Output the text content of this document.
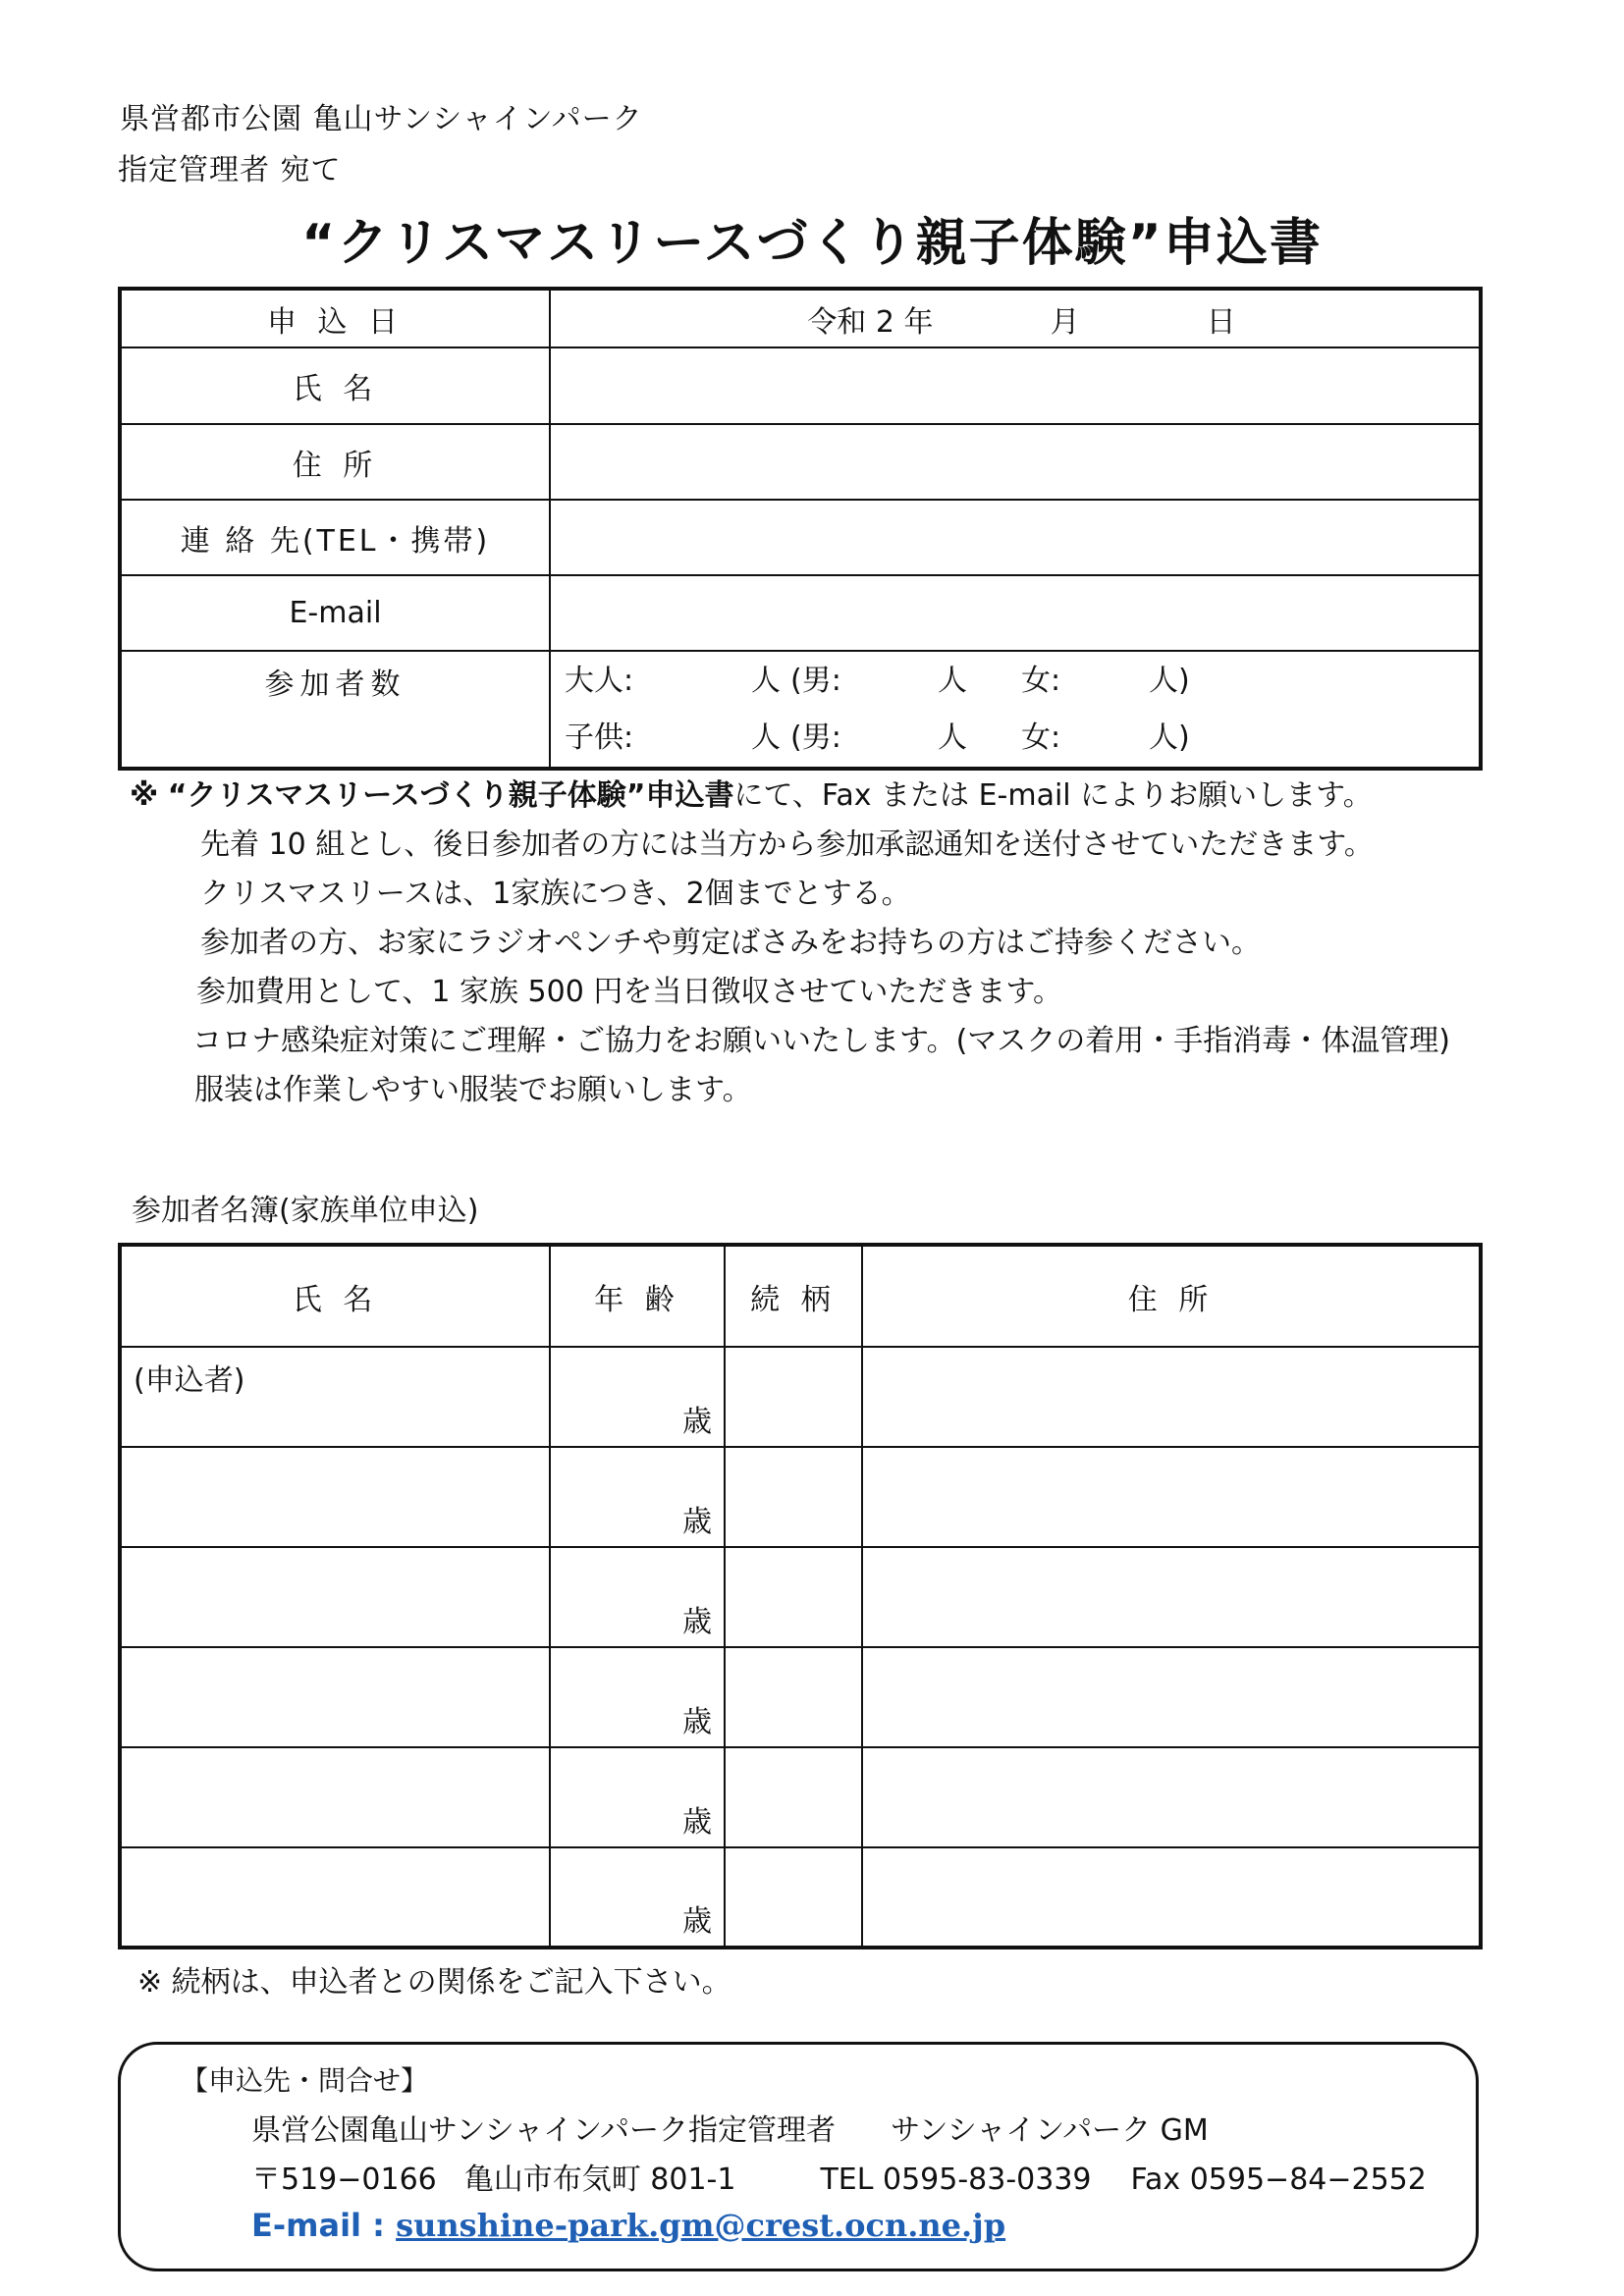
県営都市公園 亀山サンシャインパーク
指定管理者 宛て
“クリスマスリースづくり親子体験”申込書
申 込 日	令和 2 年 月 日
氏 名	
住 所	
連 絡 先(TEL・携帯)	
E-mail	
参加者数	大人: 人 (男: 人 女: 人)
子供: 人 (男: 人 女: 人)
※ “クリスマスリースづくり親子体験”申込書にて、Fax または E-mail によりお願いします。
先着 10 組とし、後日参加者の方には当方から参加承認通知を送付させていただきます。
クリスマスリースは、1家族につき、2個までとする。
参加者の方、お家にラジオペンチや剪定ばさみをお持ちの方はご持参ください。
参加費用として、1 家族 500 円を当日徴収させていただきます。
コロナ感染症対策にご理解・ご協力をお願いいたします。(マスクの着用・手指消毒・体温管理)
服装は作業しやすい服装でお願いします。
参加者名簿(家族単位申込)
氏 名	年 齢	続 柄	住 所
(申込者)	歳		
	歳		
	歳		
	歳		
	歳		
	歳		
※ 続柄は、申込者との関係をご記入下さい。
【申込先・問合せ】
県営公園亀山サンシャインパーク指定管理者 サンシャインパーク GM
〒519−0166 亀山市布気町 801-1	TEL 0595-83-0339 Fax 0595−84−2552
E-mail : sunshine-park.gm@crest.ocn.ne.jp
